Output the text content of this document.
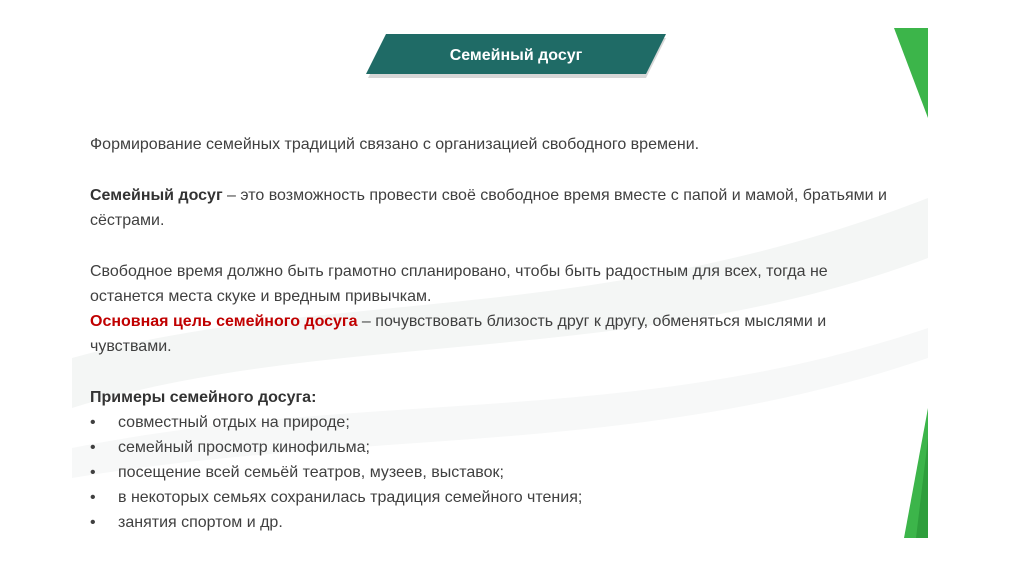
Семейный досуг

Формирование семейных традиций связано с организацией свободного времени.

Семейный досуг – это возможность провести своё свободное время вместе с папой и мамой, братьями и сёстрами.

Свободное время должно быть грамотно спланировано, чтобы быть радостным для всех, тогда не останется места скуке и вредным привычкам.

Основная цель семейного досуга – почувствовать близость друг к другу, обменяться мыслями и чувствами.

Примеры семейного досуга:

•	совместный отдых на природе;
•	семейный просмотр кинофильма;
•	посещение всей семьёй театров, музеев, выставок;
•	в некоторых семьях сохранилась традиция семейного чтения;
•	занятия спортом и др.
